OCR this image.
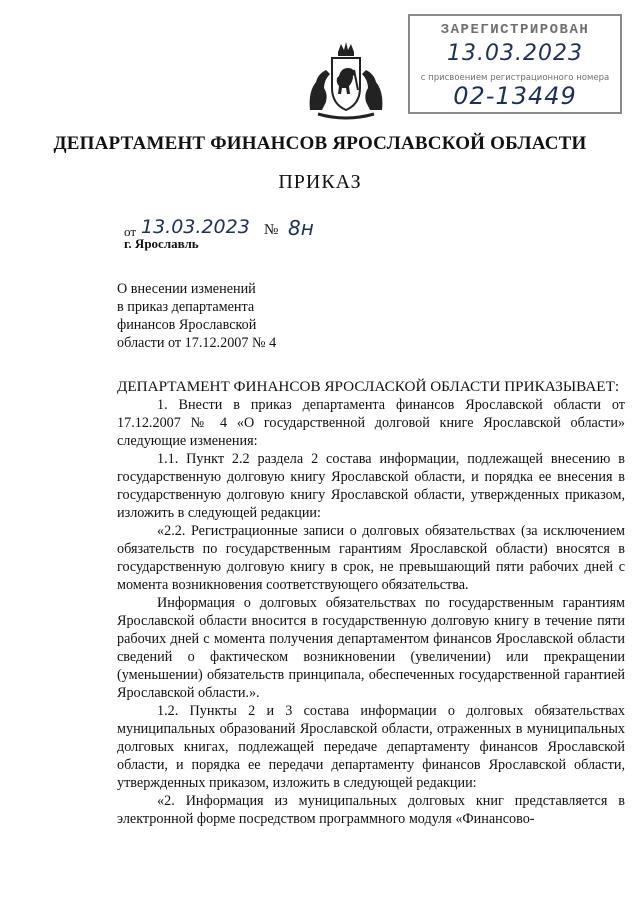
ЗАРЕГИСТРИРОВАН
13.03.2023
с присвоением регистрационного номера
02-13449
ДЕПАРТАМЕНТ ФИНАНСОВ ЯРОСЛАВСКОЙ ОБЛАСТИ
ПРИКАЗ
от 13.03.2023 № 8н
г. Ярославль
О внесении изменений
в приказ департамента
финансов Ярославской
области от 17.12.2007 № 4
ДЕПАРТАМЕНТ ФИНАНСОВ ЯРОСЛАСКОЙ ОБЛАСТИ ПРИКАЗЫВАЕТ:

1. Внести в приказ департамента финансов Ярославской области от 17.12.2007 № 4 «О государственной долговой книге Ярославской области» следующие изменения:

1.1. Пункт 2.2 раздела 2 состава информации, подлежащей внесению в государственную долговую книгу Ярославской области, и порядка ее внесения в государственную долговую книгу Ярославской области, утвержденных приказом, изложить в следующей редакции:

«2.2. Регистрационные записи о долговых обязательствах (за исключением обязательств по государственным гарантиям Ярославской области) вносятся в государственную долговую книгу в срок, не превышающий пяти рабочих дней с момента возникновения соответствующего обязательства.

Информация о долговых обязательствах по государственным гарантиям Ярославской области вносится в государственную долговую книгу в течение пяти рабочих дней с момента получения департаментом финансов Ярославской области сведений о фактическом возникновении (увеличении) или прекращении (уменьшении) обязательств принципала, обеспеченных государственной гарантией Ярославской области.».

1.2. Пункты 2 и 3 состава информации о долговых обязательствах муниципальных образований Ярославской области, отраженных в муниципальных долговых книгах, подлежащей передаче департаменту финансов Ярославской области, и порядка ее передачи департаменту финансов Ярославской области, утвержденных приказом, изложить в следующей редакции:

«2. Информация из муниципальных долговых книг представляется в электронной форме посредством программного модуля «Финансово-
